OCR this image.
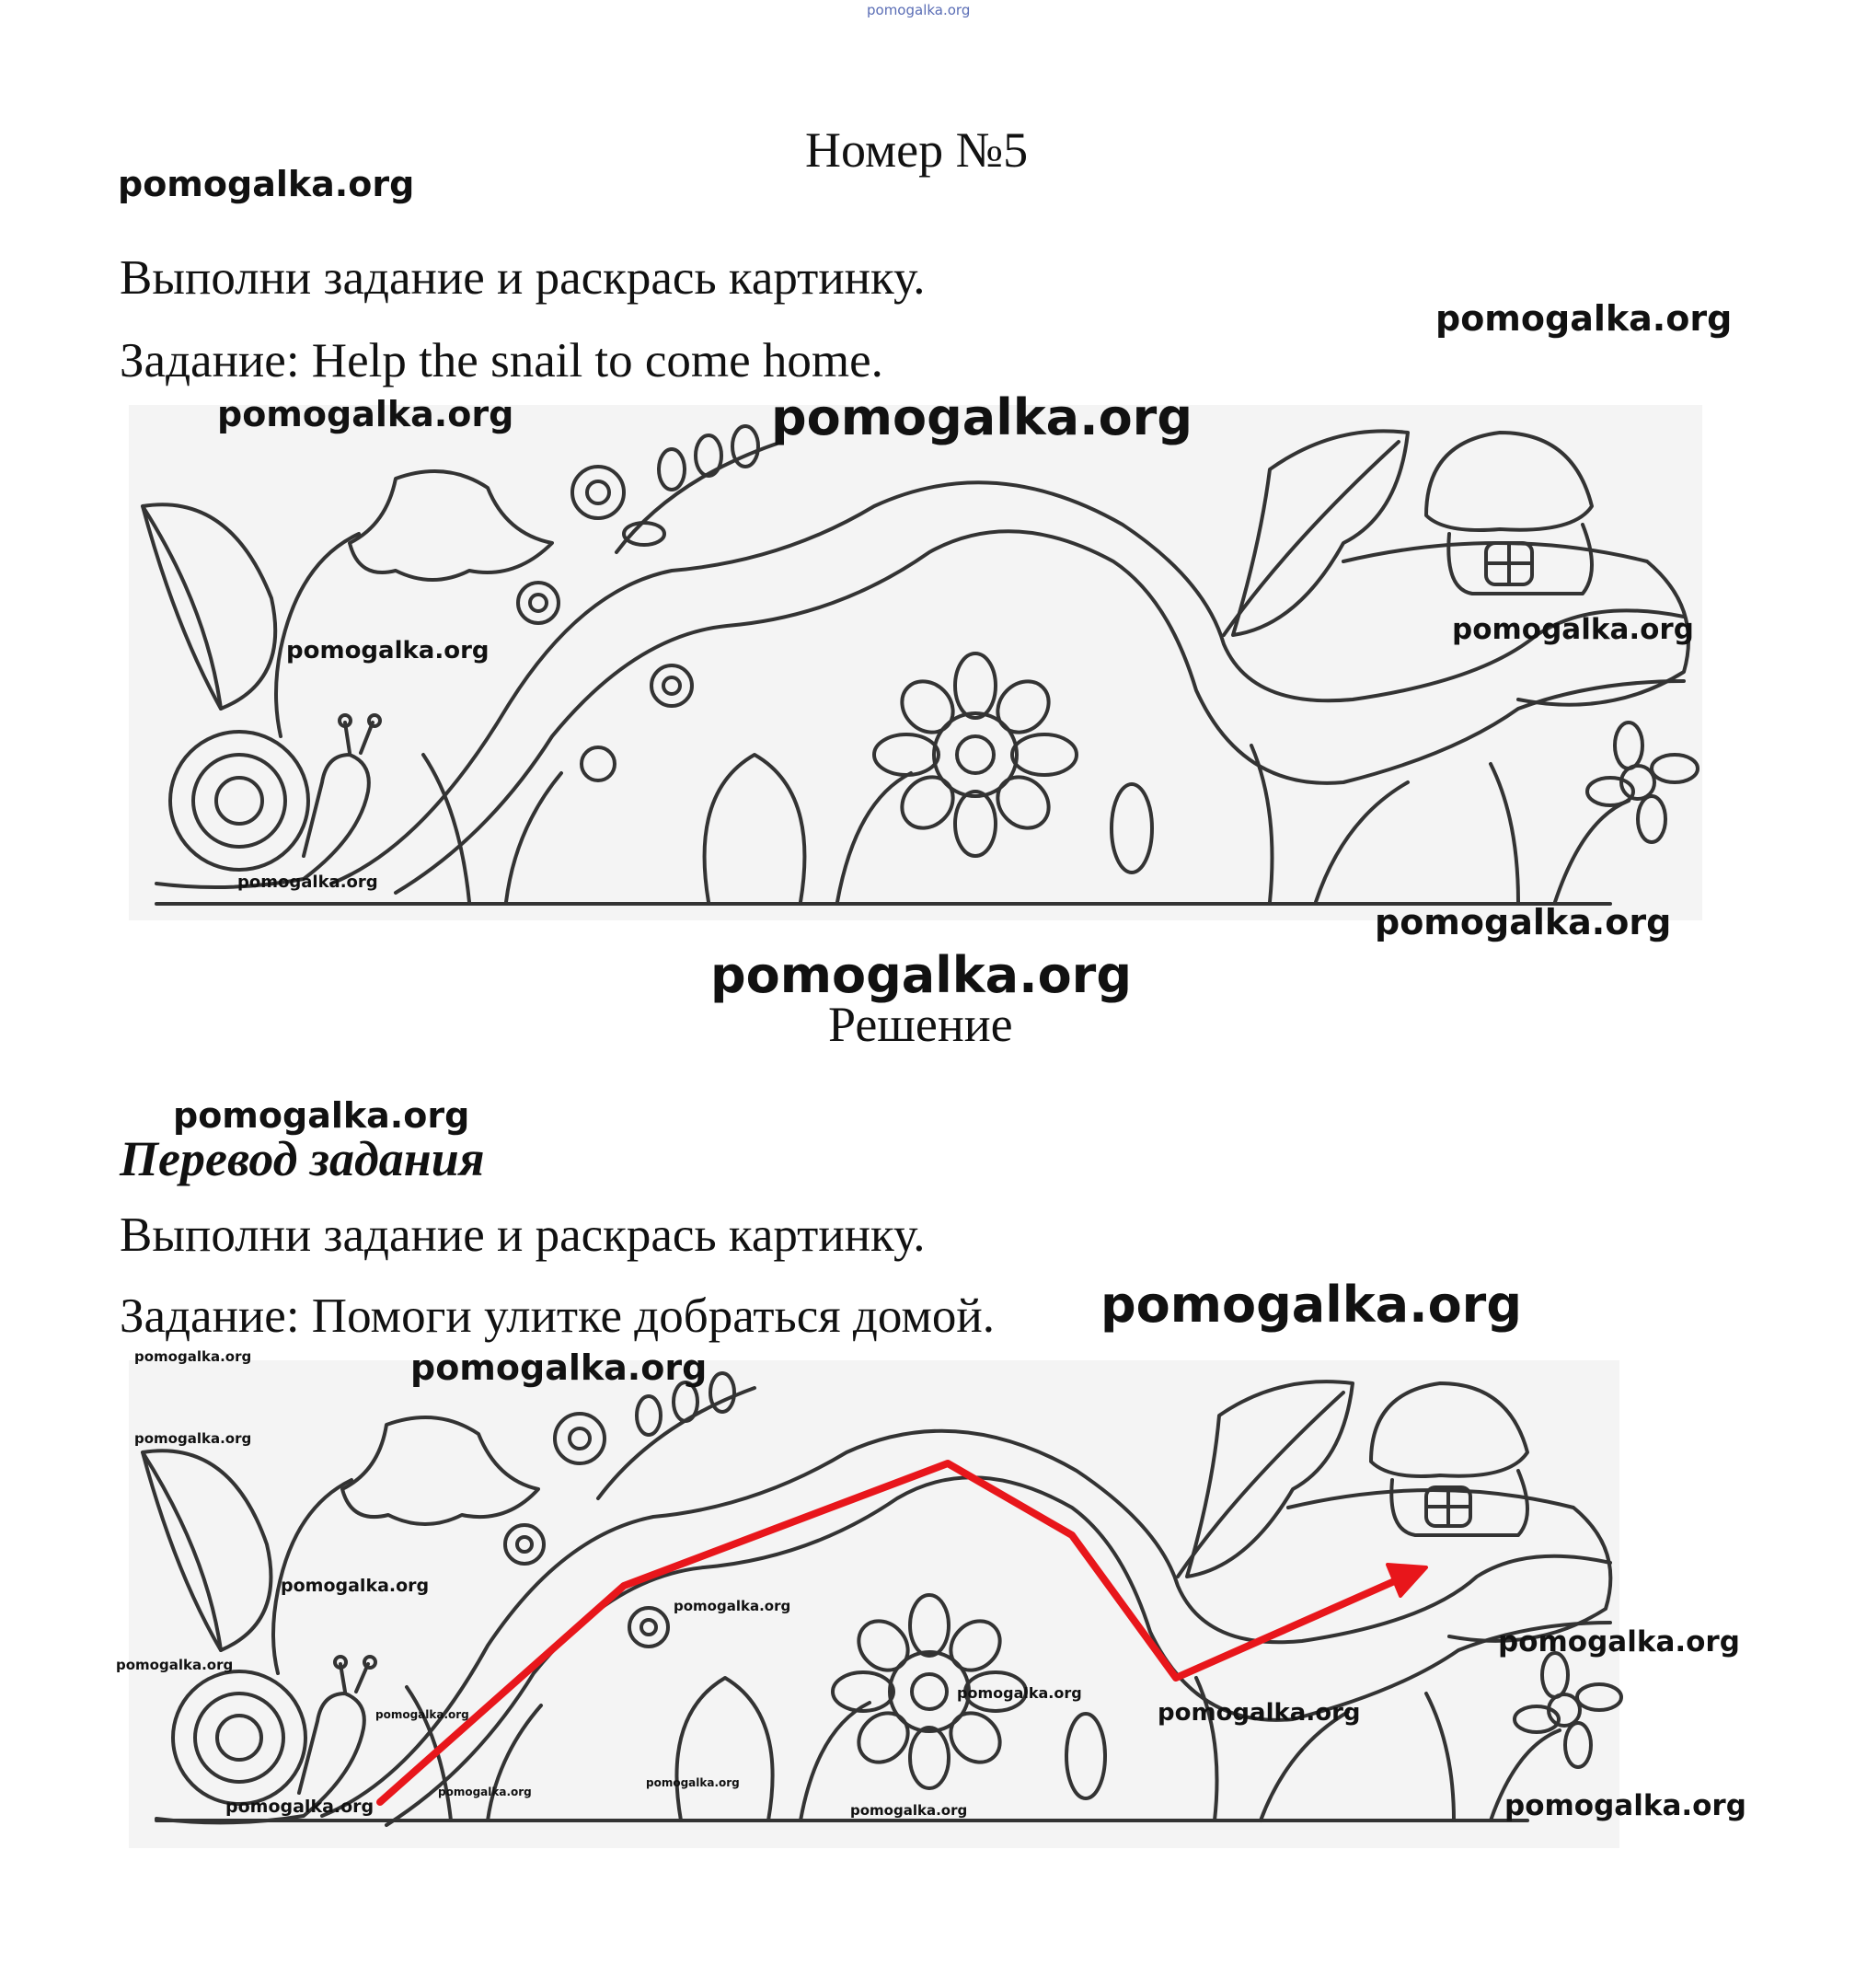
pomogalka.org
Номер №5
pomogalka.org
Выполни задание и раскрась картинку.
pomogalka.org
Задание: Help the snail to come home.
pomogalka.org	pomogalka.org
pomogalka.org
pomogalka.org
pomogalka.org
pomogalka.org
pomogalka.org
Решение
pomogalka.org
Перевод задания
Выполни задание и раскрась картинку.
Задание: Помоги улитке добраться домой. pomogalka.org
pomogalka.org	pomogalka.org
pomogalka.org
pomogalka.org
pomogalka.org
pomogalka.org
pomogalka.org
pomogalka.org
pomogalka.org
pomogalka.org
pomogalka.org
pomogalka.org
pomogalka.org	pomogalka.org	pomogalka.org
